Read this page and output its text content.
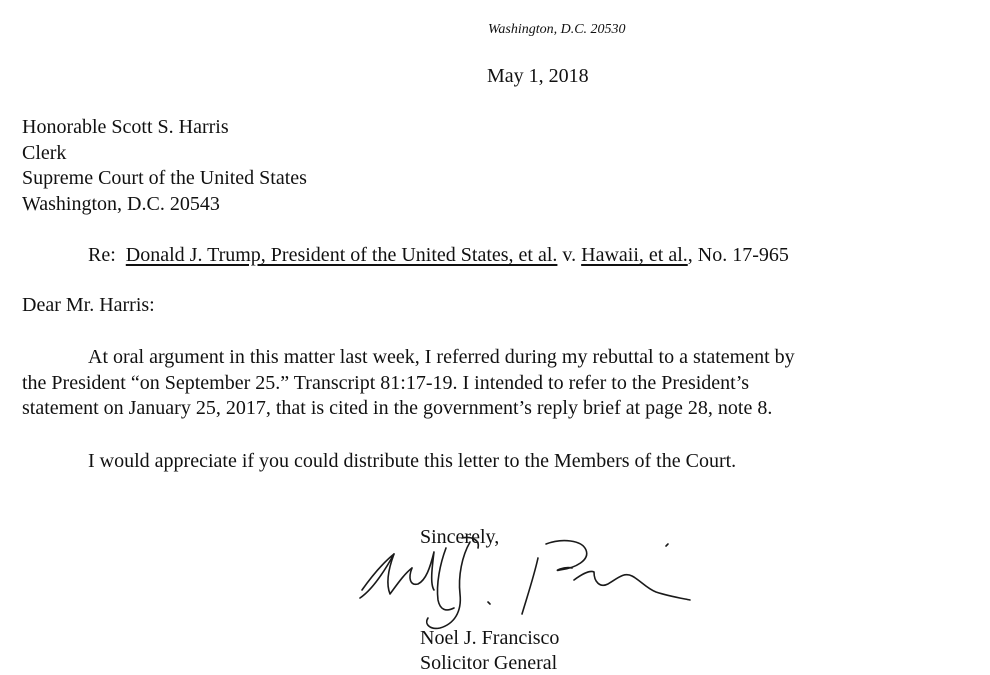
Washington, D.C. 20530
May 1, 2018
Honorable Scott S. Harris
Clerk
Supreme Court of the United States
Washington, D.C. 20543
Re: Donald J. Trump, President of the United States, et al. v. Hawaii, et al., No. 17-965
Dear Mr. Harris:
At oral argument in this matter last week, I referred during my rebuttal to a statement by
the President “on September 25.” Transcript 81:17-19. I intended to refer to the President’s
statement on January 25, 2017, that is cited in the government’s reply brief at page 28, note 8.
I would appreciate if you could distribute this letter to the Members of the Court.
Sincerely,
Noel J. Francisco
Solicitor General
